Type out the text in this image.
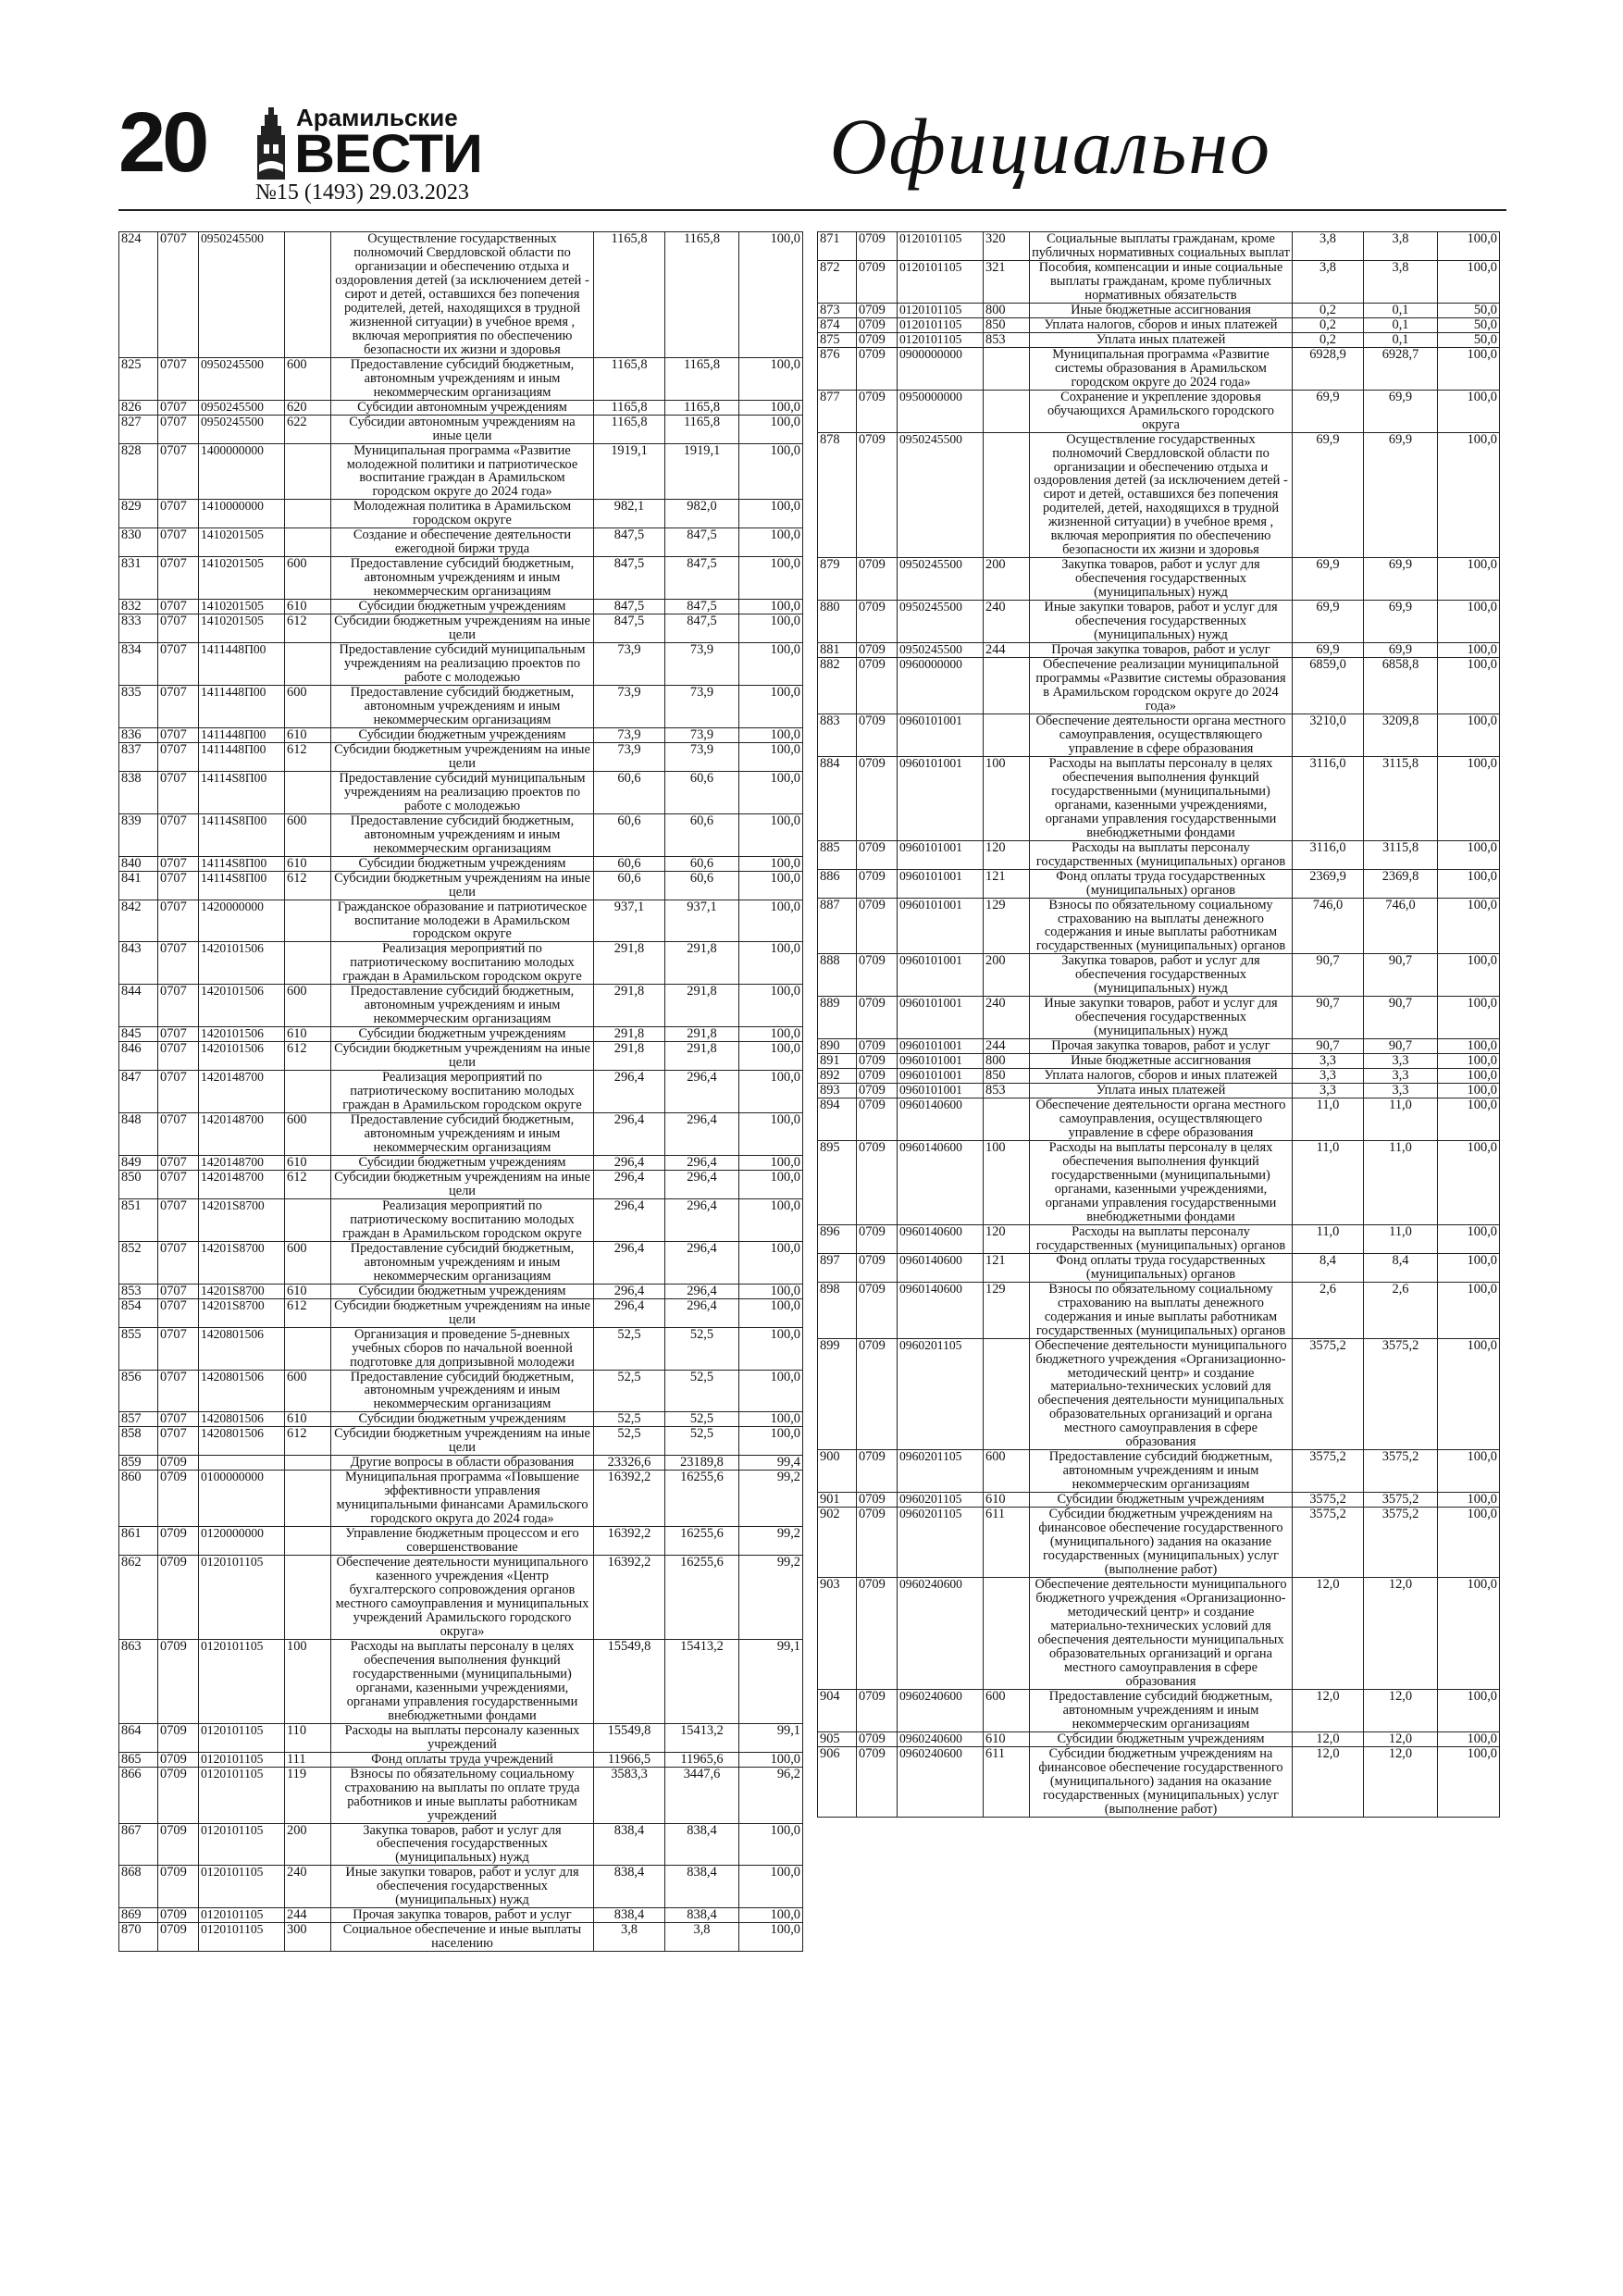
20	Арамильские
ВЕСТИ
№15 (1493) 29.03.2023
Официально
824	0707	0950245500		Осуществление государственных полномочий Свердловской области по организации и обеспечению отдыха и оздоровления детей (за исключением детей - сирот и детей, оставшихся без попечения родителей, детей, находящихся в трудной жизненной ситуации) в учебное время , включая мероприятия по обеспечению безопасности их жизни и здоровья	1165,8	1165,8	100,0
825	0707	0950245500	600	Предоставление субсидий бюджетным, автономным учреждениям и иным некоммерческим организациям	1165,8	1165,8	100,0
826	0707	0950245500	620	Субсидии автономным учреждениям	1165,8	1165,8	100,0
827	0707	0950245500	622	Субсидии автономным учреждениям на иные цели	1165,8	1165,8	100,0
828	0707	1400000000		Муниципальная программа «Развитие молодежной политики и патриотическое воспитание граждан в Арамильском городском округе до 2024 года»	1919,1	1919,1	100,0
829	0707	1410000000		Молодежная политика в Арамильском городском округе	982,1	982,0	100,0
830	0707	1410201505		Создание и обеспечение деятельности ежегодной биржи труда	847,5	847,5	100,0
831	0707	1410201505	600	Предоставление субсидий бюджетным, автономным учреждениям и иным некоммерческим организациям	847,5	847,5	100,0
832	0707	1410201505	610	Субсидии бюджетным учреждениям	847,5	847,5	100,0
833	0707	1410201505	612	Субсидии бюджетным учреждениям на иные цели	847,5	847,5	100,0
834	0707	1411448П00		Предоставление субсидий муниципальным учреждениям на реализацию проектов по работе с молодежью	73,9	73,9	100,0
835	0707	1411448П00	600	Предоставление субсидий бюджетным, автономным учреждениям и иным некоммерческим организациям	73,9	73,9	100,0
836	0707	1411448П00	610	Субсидии бюджетным учреждениям	73,9	73,9	100,0
837	0707	1411448П00	612	Субсидии бюджетным учреждениям на иные цели	73,9	73,9	100,0
838	0707	14114S8П00		Предоставление субсидий муниципальным учреждениям на реализацию проектов по работе с молодежью	60,6	60,6	100,0
839	0707	14114S8П00	600	Предоставление субсидий бюджетным, автономным учреждениям и иным некоммерческим организациям	60,6	60,6	100,0
840	0707	14114S8П00	610	Субсидии бюджетным учреждениям	60,6	60,6	100,0
841	0707	14114S8П00	612	Субсидии бюджетным учреждениям на иные цели	60,6	60,6	100,0
842	0707	1420000000		Гражданское образование и патриотическое воспитание молодежи в Арамильском городском округе	937,1	937,1	100,0
843	0707	1420101506		Реализация мероприятий по патриотическому воспитанию молодых граждан в Арамильском городском округе	291,8	291,8	100,0
844	0707	1420101506	600	Предоставление субсидий бюджетным, автономным учреждениям и иным некоммерческим организациям	291,8	291,8	100,0
845	0707	1420101506	610	Субсидии бюджетным учреждениям	291,8	291,8	100,0
846	0707	1420101506	612	Субсидии бюджетным учреждениям на иные цели	291,8	291,8	100,0
847	0707	1420148700		Реализация мероприятий по патриотическому воспитанию молодых граждан в Арамильском городском округе	296,4	296,4	100,0
848	0707	1420148700	600	Предоставление субсидий бюджетным, автономным учреждениям и иным некоммерческим организациям	296,4	296,4	100,0
849	0707	1420148700	610	Субсидии бюджетным учреждениям	296,4	296,4	100,0
850	0707	1420148700	612	Субсидии бюджетным учреждениям на иные цели	296,4	296,4	100,0
851	0707	14201S8700		Реализация мероприятий по патриотическому воспитанию молодых граждан в Арамильском городском округе	296,4	296,4	100,0
852	0707	14201S8700	600	Предоставление субсидий бюджетным, автономным учреждениям и иным некоммерческим организациям	296,4	296,4	100,0
853	0707	14201S8700	610	Субсидии бюджетным учреждениям	296,4	296,4	100,0
854	0707	14201S8700	612	Субсидии бюджетным учреждениям на иные цели	296,4	296,4	100,0
855	0707	1420801506		Организация и проведение 5-дневных учебных сборов по начальной военной подготовке для допризывной молодежи	52,5	52,5	100,0
856	0707	1420801506	600	Предоставление субсидий бюджетным, автономным учреждениям и иным некоммерческим организациям	52,5	52,5	100,0
857	0707	1420801506	610	Субсидии бюджетным учреждениям	52,5	52,5	100,0
858	0707	1420801506	612	Субсидии бюджетным учреждениям на иные цели	52,5	52,5	100,0
859	0709			Другие вопросы в области образования	23326,6	23189,8	99,4
860	0709	0100000000		Муниципальная программа «Повышение эффективности управления муниципальными финансами Арамильского городского округа до 2024 года»	16392,2	16255,6	99,2
861	0709	0120000000		Управление бюджетным процессом и его совершенствование	16392,2	16255,6	99,2
862	0709	0120101105		Обеспечение деятельности муниципального казенного учреждения «Центр бухгалтерского сопровождения органов местного самоуправления и муниципальных учреждений Арамильского городского округа»	16392,2	16255,6	99,2
863	0709	0120101105	100	Расходы на выплаты персоналу в целях обеспечения выполнения функций государственными (муниципальными) органами, казенными учреждениями, органами управления государственными внебюджетными фондами	15549,8	15413,2	99,1
864	0709	0120101105	110	Расходы на выплаты персоналу казенных учреждений	15549,8	15413,2	99,1
865	0709	0120101105	111	Фонд оплаты труда учреждений	11966,5	11965,6	100,0
866	0709	0120101105	119	Взносы по обязательному социальному страхованию на выплаты по оплате труда работников и иные выплаты работникам учреждений	3583,3	3447,6	96,2
867	0709	0120101105	200	Закупка товаров, работ и услуг для обеспечения государственных (муниципальных) нужд	838,4	838,4	100,0
868	0709	0120101105	240	Иные закупки товаров, работ и услуг для обеспечения государственных (муниципальных) нужд	838,4	838,4	100,0
869	0709	0120101105	244	Прочая закупка товаров, работ и услуг	838,4	838,4	100,0
870	0709	0120101105	300	Социальное обеспечение и иные выплаты населению	3,8	3,8	100,0
871	0709	0120101105	320	Социальные выплаты гражданам, кроме публичных нормативных социальных выплат	3,8	3,8	100,0
872	0709	0120101105	321	Пособия, компенсации и иные социальные выплаты гражданам, кроме публичных нормативных обязательств	3,8	3,8	100,0
873	0709	0120101105	800	Иные бюджетные ассигнования	0,2	0,1	50,0
874	0709	0120101105	850	Уплата налогов, сборов и иных платежей	0,2	0,1	50,0
875	0709	0120101105	853	Уплата иных платежей	0,2	0,1	50,0
876	0709	0900000000		Муниципальная программа «Развитие системы образования в Арамильском городском округе до 2024 года»	6928,9	6928,7	100,0
877	0709	0950000000		Сохранение и укрепление здоровья обучающихся Арамильского городского округа	69,9	69,9	100,0
878	0709	0950245500		Осуществление государственных полномочий Свердловской области по организации и обеспечению отдыха и оздоровления детей (за исключением детей - сирот и детей, оставшихся без попечения родителей, детей, находящихся в трудной жизненной ситуации) в учебное время , включая мероприятия по обеспечению безопасности их жизни и здоровья	69,9	69,9	100,0
879	0709	0950245500	200	Закупка товаров, работ и услуг для обеспечения государственных (муниципальных) нужд	69,9	69,9	100,0
880	0709	0950245500	240	Иные закупки товаров, работ и услуг для обеспечения государственных (муниципальных) нужд	69,9	69,9	100,0
881	0709	0950245500	244	Прочая закупка товаров, работ и услуг	69,9	69,9	100,0
882	0709	0960000000		Обеспечение реализации муниципальной программы «Развитие системы образования в Арамильском городском округе до 2024 года»	6859,0	6858,8	100,0
883	0709	0960101001		Обеспечение деятельности органа местного самоуправления, осуществляющего управление в сфере образования	3210,0	3209,8	100,0
884	0709	0960101001	100	Расходы на выплаты персоналу в целях обеспечения выполнения функций государственными (муниципальными) органами, казенными учреждениями, органами управления государственными внебюджетными фондами	3116,0	3115,8	100,0
885	0709	0960101001	120	Расходы на выплаты персоналу государственных (муниципальных) органов	3116,0	3115,8	100,0
886	0709	0960101001	121	Фонд оплаты труда государственных (муниципальных) органов	2369,9	2369,8	100,0
887	0709	0960101001	129	Взносы по обязательному социальному страхованию на выплаты денежного содержания и иные выплаты работникам государственных (муниципальных) органов	746,0	746,0	100,0
888	0709	0960101001	200	Закупка товаров, работ и услуг для обеспечения государственных (муниципальных) нужд	90,7	90,7	100,0
889	0709	0960101001	240	Иные закупки товаров, работ и услуг для обеспечения государственных (муниципальных) нужд	90,7	90,7	100,0
890	0709	0960101001	244	Прочая закупка товаров, работ и услуг	90,7	90,7	100,0
891	0709	0960101001	800	Иные бюджетные ассигнования	3,3	3,3	100,0
892	0709	0960101001	850	Уплата налогов, сборов и иных платежей	3,3	3,3	100,0
893	0709	0960101001	853	Уплата иных платежей	3,3	3,3	100,0
894	0709	0960140600		Обеспечение деятельности органа местного самоуправления, осуществляющего управление в сфере образования	11,0	11,0	100,0
895	0709	0960140600	100	Расходы на выплаты персоналу в целях обеспечения выполнения функций государственными (муниципальными) органами, казенными учреждениями, органами управления государственными внебюджетными фондами	11,0	11,0	100,0
896	0709	0960140600	120	Расходы на выплаты персоналу государственных (муниципальных) органов	11,0	11,0	100,0
897	0709	0960140600	121	Фонд оплаты труда государственных (муниципальных) органов	8,4	8,4	100,0
898	0709	0960140600	129	Взносы по обязательному социальному страхованию на выплаты денежного содержания и иные выплаты работникам государственных (муниципальных) органов	2,6	2,6	100,0
899	0709	0960201105		Обеспечение деятельности муниципального бюджетного учреждения «Организационно-методический центр» и создание материально-технических условий для обеспечения деятельности муниципальных образовательных организаций и органа местного самоуправления в сфере образования	3575,2	3575,2	100,0
900	0709	0960201105	600	Предоставление субсидий бюджетным, автономным учреждениям и иным некоммерческим организациям	3575,2	3575,2	100,0
901	0709	0960201105	610	Субсидии бюджетным учреждениям	3575,2	3575,2	100,0
902	0709	0960201105	611	Субсидии бюджетным учреждениям на финансовое обеспечение государственного (муниципального) задания на оказание государственных (муниципальных) услуг (выполнение работ)	3575,2	3575,2	100,0
903	0709	0960240600		Обеспечение деятельности муниципального бюджетного учреждения «Организационно-методический центр» и создание материально-технических условий для обеспечения деятельности муниципальных образовательных организаций и органа местного самоуправления в сфере образования	12,0	12,0	100,0
904	0709	0960240600	600	Предоставление субсидий бюджетным, автономным учреждениям и иным некоммерческим организациям	12,0	12,0	100,0
905	0709	0960240600	610	Субсидии бюджетным учреждениям	12,0	12,0	100,0
906	0709	0960240600	611	Субсидии бюджетным учреждениям на финансовое обеспечение государственного (муниципального) задания на оказание государственных (муниципальных) услуг (выполнение работ)	12,0	12,0	100,0
